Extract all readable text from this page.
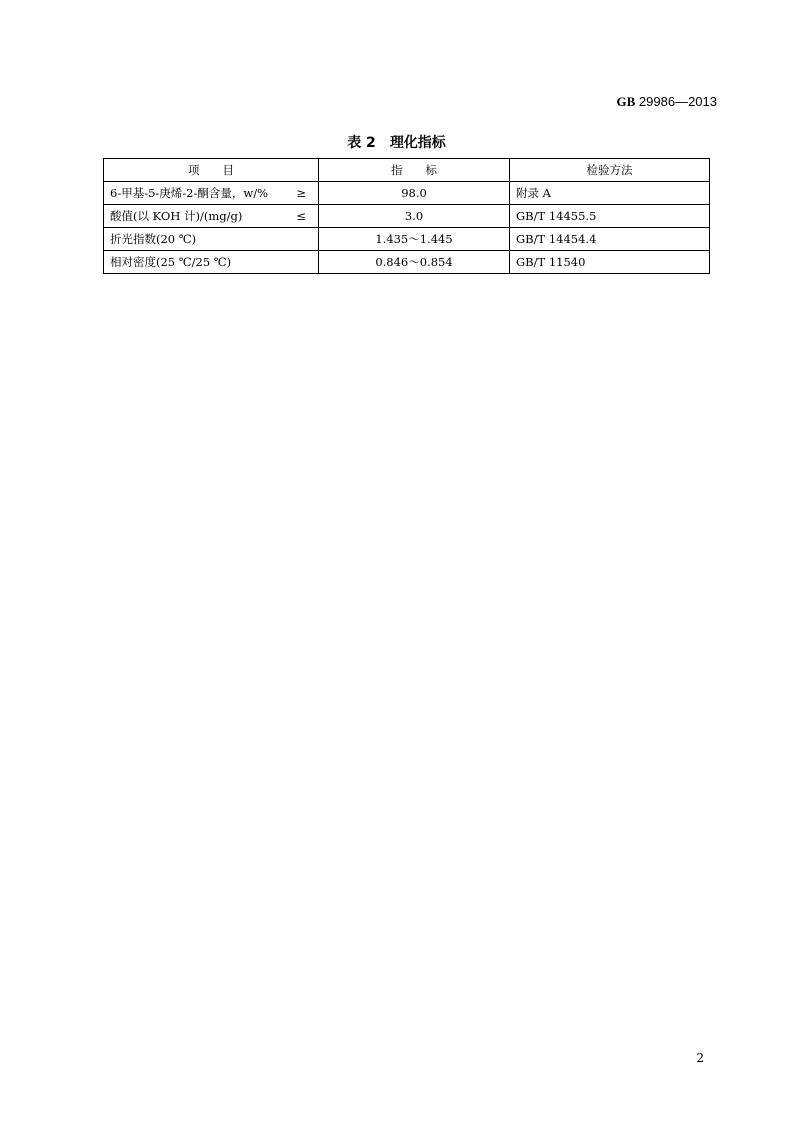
GB 29986—2013
表 2 理化指标
项　　目	指　　标	检验方法
6-甲基-5-庚烯-2-酮含量，w/% ≥	98.0	附录 A
酸值(以 KOH 计)/(mg/g) ≤	3.0	GB/T 14455.5
折光指数(20 ℃)	1.435～1.445	GB/T 14454.4
相对密度(25 ℃/25 ℃)	0.846～0.854	GB/T 11540
2
